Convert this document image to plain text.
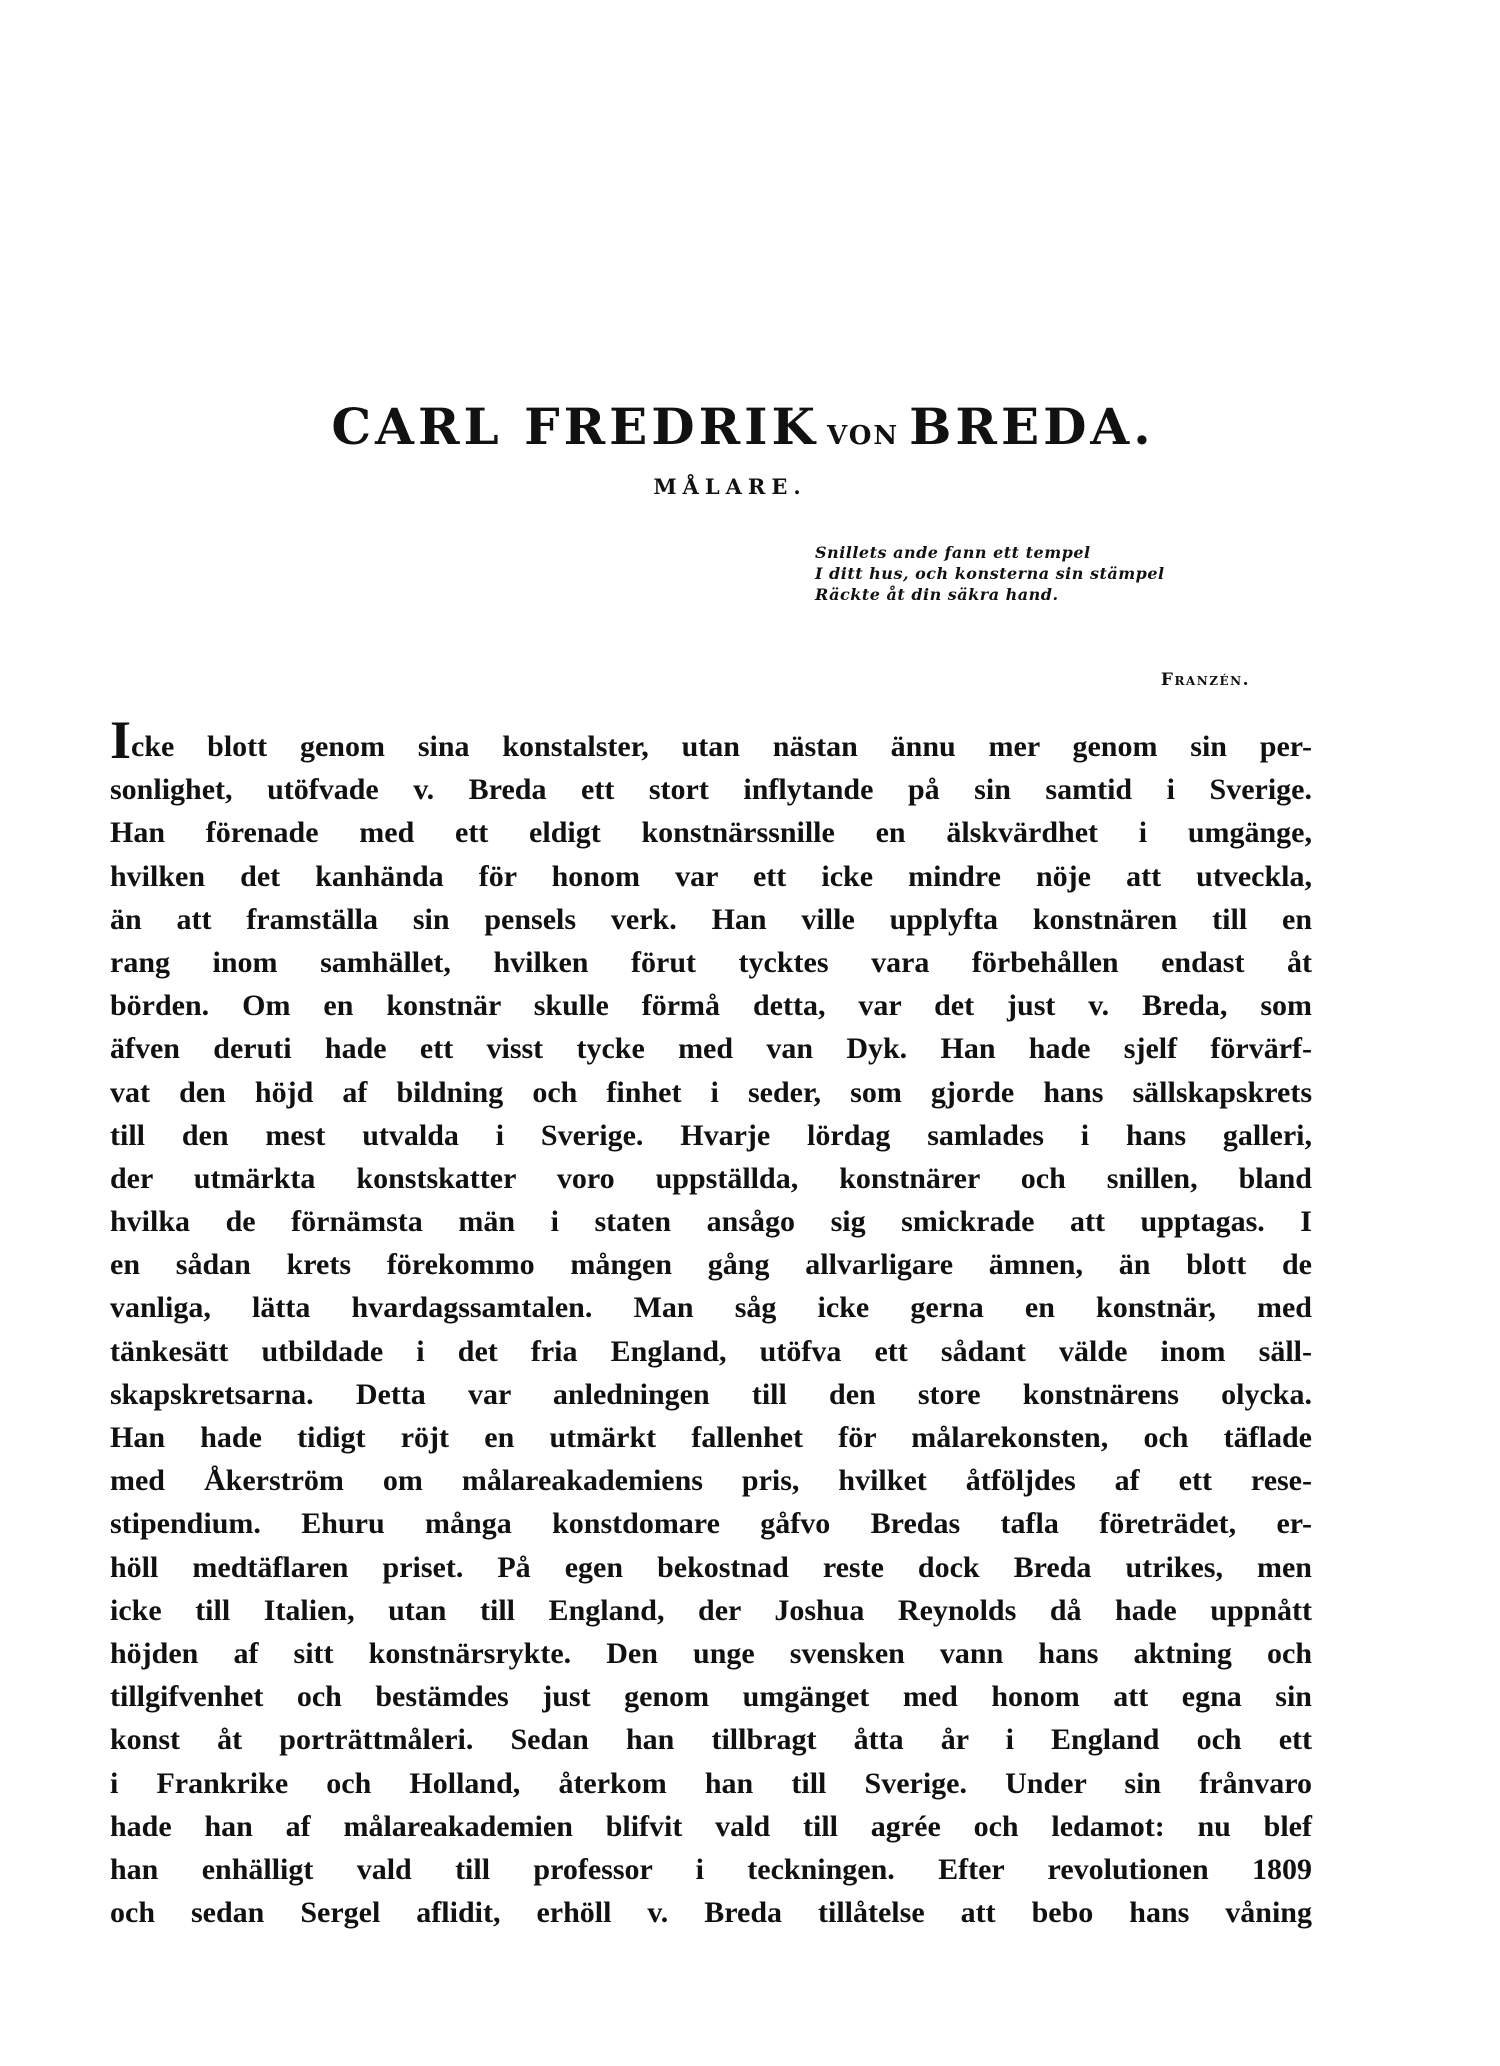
CARL FREDRIK VON BREDA.
MÅLARE.
Snillets ande fann ett tempel
I ditt hus, och konsterna sin stämpel
Räckte åt din säkra hand.
Franzén.
Icke blott genom sina konstalster, utan nästan ännu mer genom sin per-
sonlighet, utöfvade v. Breda ett stort inflytande på sin samtid i Sverige.
Han förenade med ett eldigt konstnärssnille en älskvärdhet i umgänge,
hvilken det kanhända för honom var ett icke mindre nöje att utveckla,
än att framställa sin pensels verk. Han ville upplyfta konstnären till en
rang inom samhället, hvilken förut tycktes vara förbehållen endast åt
börden. Om en konstnär skulle förmå detta, var det just v. Breda, som
äfven deruti hade ett visst tycke med van Dyk. Han hade sjelf förvärf-
vat den höjd af bildning och finhet i seder, som gjorde hans sällskapskrets
till den mest utvalda i Sverige. Hvarje lördag samlades i hans galleri,
der utmärkta konstskatter voro uppställda, konstnärer och snillen, bland
hvilka de förnämsta män i staten ansågo sig smickrade att upptagas. I
en sådan krets förekommo mången gång allvarligare ämnen, än blott de
vanliga, lätta hvardagssamtalen. Man såg icke gerna en konstnär, med
tänkesätt utbildade i det fria England, utöfva ett sådant välde inom säll-
skapskretsarna. Detta var anledningen till den store konstnärens olycka.
Han hade tidigt röjt en utmärkt fallenhet för målarekonsten, och täflade
med Åkerström om målareakademiens pris, hvilket åtföljdes af ett rese-
stipendium. Ehuru många konstdomare gåfvo Bredas tafla företrädet, er-
höll medtäflaren priset. På egen bekostnad reste dock Breda utrikes, men
icke till Italien, utan till England, der Joshua Reynolds då hade uppnått
höjden af sitt konstnärsrykte. Den unge svensken vann hans aktning och
tillgifvenhet och bestämdes just genom umgänget med honom att egna sin
konst åt porträttmåleri. Sedan han tillbragt åtta år i England och ett
i Frankrike och Holland, återkom han till Sverige. Under sin frånvaro
hade han af målareakademien blifvit vald till agrée och ledamot: nu blef
han enhälligt vald till professor i teckningen. Efter revolutionen 1809
och sedan Sergel aflidit, erhöll v. Breda tillåtelse att bebo hans våning
